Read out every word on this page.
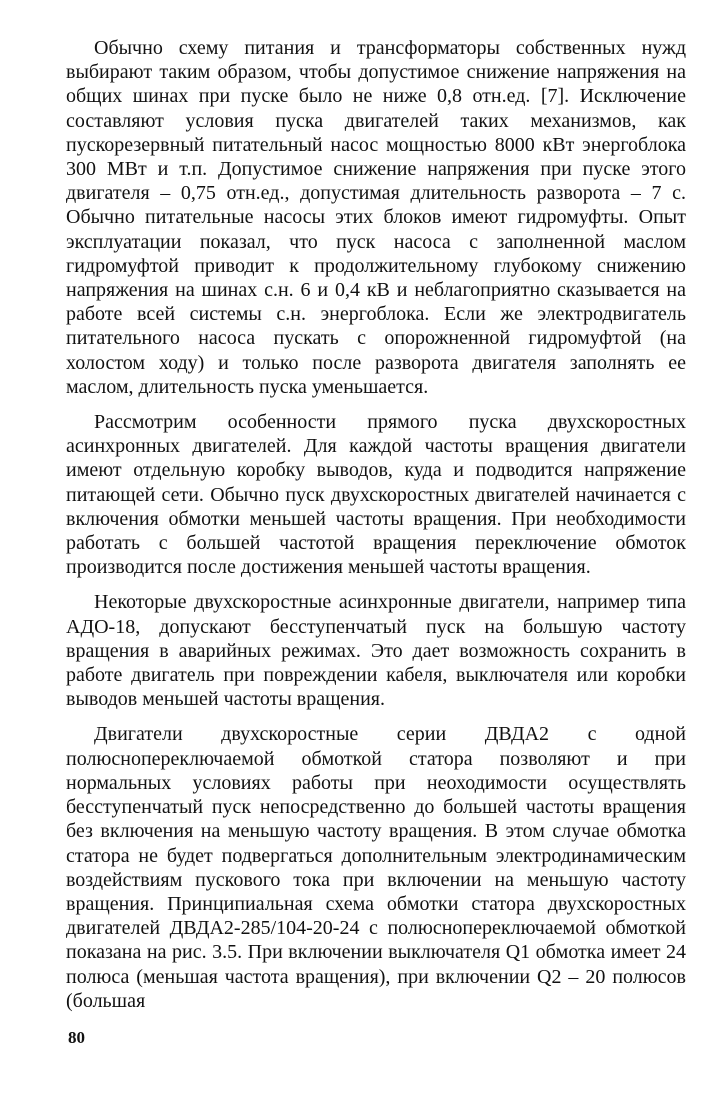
Обычно схему питания и трансформаторы собственных нужд выбирают таким образом, чтобы допустимое снижение напряжения на общих шинах при пуске было не ниже 0,8 отн.ед. [7]. Исключение составляют условия пуска двигателей таких механизмов, как пускорезервный питательный насос мощностью 8000 кВт энергоблока 300 МВт и т.п. Допустимое снижение напряжения при пуске этого двигателя – 0,75 отн.ед., допустимая длительность разворота – 7 с. Обычно питательные насосы этих блоков имеют гидромуфты. Опыт эксплуатации показал, что пуск насоса с заполненной маслом гидромуфтой приводит к продолжительному глубокому снижению напряжения на шинах с.н. 6 и 0,4 кВ и неблагоприятно сказывается на работе всей системы с.н. энергоблока. Если же электродвигатель питательного насоса пускать с опорожненной гидромуфтой (на холостом ходу) и только после разворота двигателя заполнять ее маслом, длительность пуска уменьшается.

Рассмотрим особенности прямого пуска двухскоростных асинхронных двигателей. Для каждой частоты вращения двигатели имеют отдельную коробку выводов, куда и подводится напряжение питающей сети. Обычно пуск двухскоростных двигателей начинается с включения обмотки меньшей частоты вращения. При необходимости работать с большей частотой вращения переключение обмоток производится после достижения меньшей частоты вращения.

Некоторые двухскоростные асинхронные двигатели, например типа АДО-18, допускают бесступенчатый пуск на большую частоту вращения в аварийных режимах. Это дает возможность сохранить в работе двигатель при повреждении кабеля, выключателя или коробки выводов меньшей частоты вращения.

Двигатели двухскоростные серии ДВДА2 с одной полюснопереключаемой обмоткой статора позволяют и при нормальных условиях работы при неоходимости осуществлять бесступенчатый пуск непосредственно до большей частоты вращения без включения на меньшую частоту вращения. В этом случае обмотка статора не будет подвергаться дополнительным электродинамическим воздействиям пускового тока при включении на меньшую частоту вращения. Принципиальная схема обмотки статора двухскоростных двигателей ДВДА2-285/104-20-24 с полюснопереключаемой обмоткой показана на рис. 3.5. При включении выключателя Q1 обмотка имеет 24 полюса (меньшая частота вращения), при включении Q2 – 20 полюсов (большая

80
